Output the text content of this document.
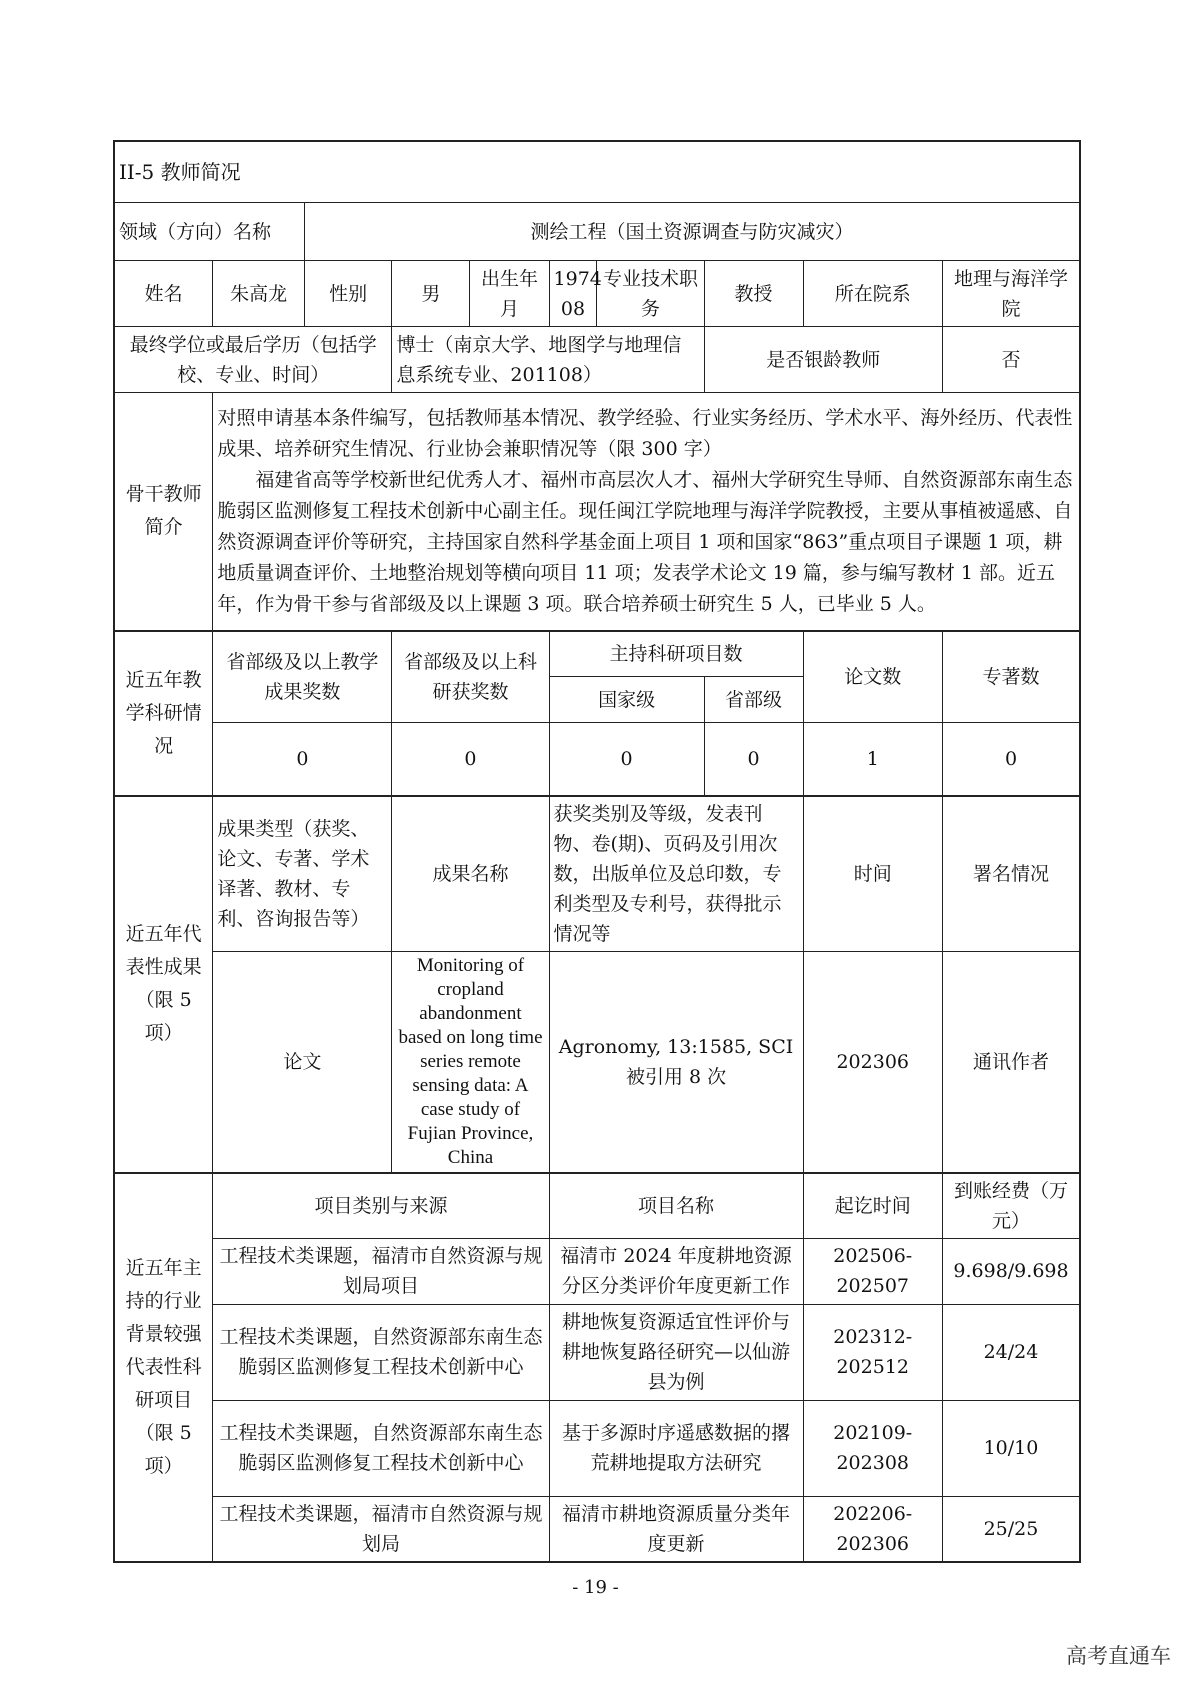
II-5 教师简况									
领域（方向）名称		测绘工程（国土资源调查与防灾减灾）							
姓名	朱高龙	性别	男	出生年月	1974 08	专业技术职　务	教授	所在院系	地理与海洋学院
最终学位或最后学历（包括学校、专业、时间）			博士（南京大学、地图学与地理信息系统专业、201108）				是否银龄教师		否
骨干教师简介	对照申请基本条件编写，包括教师基本情况、教学经验、行业实务经历、学术水平、海外经历、代表性成果、培养研究生情况、行业协会兼职情况等（限 300 字）

福建省高等学校新世纪优秀人才、福州市高层次人才、福州大学研究生导师、自然资源部东南生态脆弱区监测修复工程技术创新中心副主任。现任闽江学院地理与海洋学院教授，主要从事植被遥感、自然资源调查评价等研究，主持国家自然科学基金面上项目 1 项和国家“863”重点项目子课题 1 项，耕地质量调查评价、土地整治规划等横向项目 11 项；发表学术论文 19 篇，参与编写教材 1 部。近五年，作为骨干参与省部级及以上课题 3 项。联合培养硕士研究生 5 人，已毕业 5 人。								

近五年教学科研情况	省部级及以上教学成果奖数		省部级及以上科研获奖数		主持科研项目数			论文数	专著数
					国家级		省部级		
	0		0		0		0	1	0
近五年代表性成果（限 5 项）	成果类型（获奖、论文、专著、学术译著、教材、专利、咨询报告等）		成果名称		获奖类别及等级，发表刊物、卷(期)、页码及引用次数，出版单位及总印数，专利类型及专利号，获得批示情况等			时间	署名情况
	论文		Monitoring of cropland abandonment based on long time series remote sensing data: A case study of Fujian Province, China		Agronomy, 13:1585, SCI 被引用 8 次			202306	通讯作者
近五年主持的行业背景较强代表性科研项目（限 5 项）	项目类别与来源				项目名称			起讫时间	到账经费（万元）
	工程技术类课题，福清市自然资源与规划局项目				福清市 2024 年度耕地资源分区分类评价年度更新工作			202506-202507	9.698/9.698
	工程技术类课题，自然资源部东南生态脆弱区监测修复工程技术创新中心				耕地恢复资源适宜性评价与耕地恢复路径研究—以仙游县为例			202312-202512	24/24
	工程技术类课题，自然资源部东南生态脆弱区监测修复工程技术创新中心				基于多源时序遥感数据的撂荒耕地提取方法研究			202109-202308	10/10
	工程技术类课题，福清市自然资源与规划局				福清市耕地资源质量分类年度更新			202206-202306	25/25
- 19 -
高考直通车
